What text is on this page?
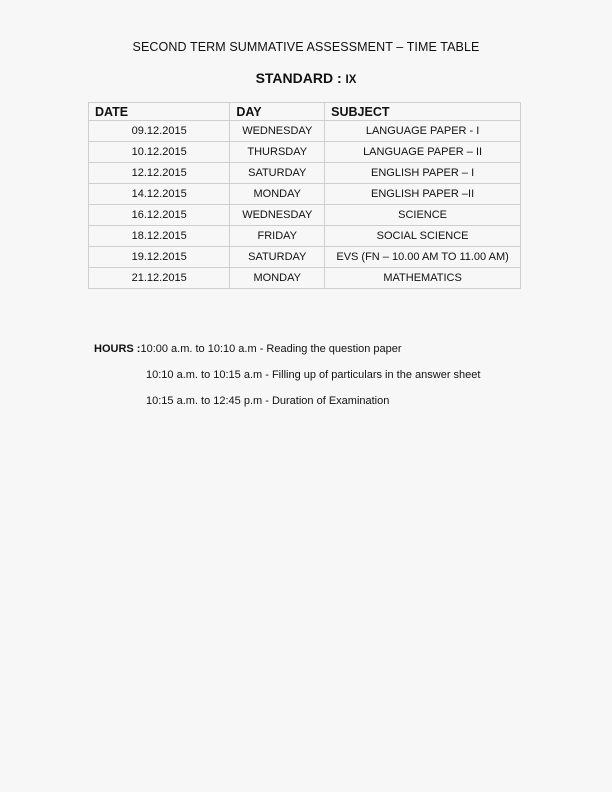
SECOND TERM SUMMATIVE ASSESSMENT – TIME TABLE
STANDARD : IX
DATE	DAY	SUBJECT
09.12.2015	WEDNESDAY	LANGUAGE PAPER - I
10.12.2015	THURSDAY	LANGUAGE PAPER – II
12.12.2015	SATURDAY	ENGLISH PAPER – I
14.12.2015	MONDAY	ENGLISH PAPER –II
16.12.2015	WEDNESDAY	SCIENCE
18.12.2015	FRIDAY	SOCIAL SCIENCE
19.12.2015	SATURDAY	EVS (FN – 10.00 AM TO 11.00 AM)
21.12.2015	MONDAY	MATHEMATICS
HOURS :10:00 a.m. to 10:10 a.m - Reading the question paper
10:10 a.m. to 10:15 a.m - Filling up of particulars in the answer sheet
10:15 a.m. to 12:45 p.m - Duration of Examination
